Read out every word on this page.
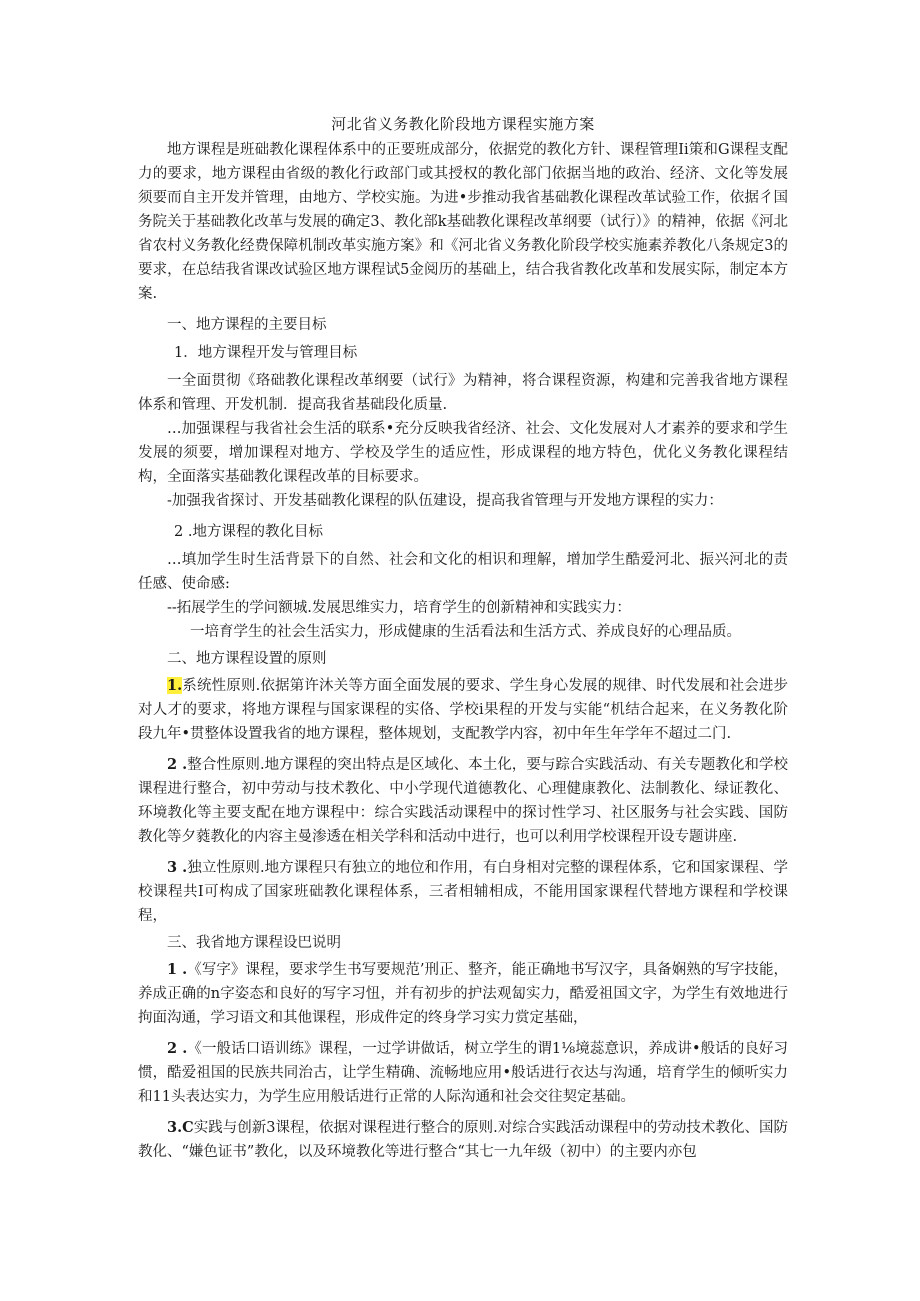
河北省义务教化阶段地方课程实施方案

地方课程是班础教化课程体系中的正要班成部分，依据党的教化方针、课程管理Ii策和G课程支配力的要求，地方课程由省级的教化行政部门或其授权的教化部门依据当地的政治、经济、文化等发展须要而自主开发并管理，由地方、学校实施。为进•步推动我省基础教化课程改革试验工作，依据彳国务院关于基础教化改革与发展的确定3、教化部k基础教化课程改革纲要（试行）》的精神，依据《河北省农村义务教化经费保障机制改革实施方案》和《河北省义务教化阶段学校实施素养教化八条规定3的要求，在总结我省课改试验区地方课程试5金阅历的基础上，结合我省教化改革和发展实际，制定本方案.

一、地方课程的主要目标
1．地方课程开发与管理目标

一全面贯彻《珞础教化课程改革纲要（试行》为精神，将合课程资源，构建和完善我省地方课程体系和管理、开发机制．提高我省基础段化质量.

…加强课程与我省社会生活的联系•充分反映我省经济、社会、文化发展对人才素养的要求和学生发展的须要，增加课程对地方、学校及学生的适应性，形成课程的地方特色，优化义务教化课程结构，全面落实基础教化课程改革的目标要求。

-加强我省探讨、开发基础教化课程的队伍建设，提高我省管理与开发地方课程的实力：

2 .地方课程的教化目标

…填加学生时生活背景下的自然、社会和文化的相识和理解，增加学生酷爱河北、振兴河北的责任感、使命感:

--拓展学生的学问额城.发展思维实力，培育学生的创新精神和实践实力：

一培育学生的社会生活实力，形成健康的生活看法和生活方式、养成良好的心理品质。

二、地方课程设置的原则

1.系统性原则.依据第许沐关等方面全面发展的要求、学生身心发展的规律、时代发展和社会进步对人才的要求，将地方课程与国家课程的实佫、学校i果程的开发与实能“机结合起来，在义务教化阶段九年•贯整体设置我省的地方课程，整体规划，支配教学内容，初中年生年学年不超过二门.

2 .整合性原则.地方课程的突出特点是区域化、本土化，要与踪合实践活动、有关专题教化和学校课程进行整合，初中劳动与技术教化、中小学现代道德教化、心理健康教化、法制教化、绿证教化、环境教化等主要支配在地方课程中：综合实践活动课程中的探讨性学习、社区服务与社会实践、国防教化等夕蕤教化的内容主曼渗透在相关学科和活动中进行，也可以利用学校课程开设专题讲座.

3 .独立性原则.地方课程只有独立的地位和作用，有白身相对完整的课程体系，它和国家课程、学校课程共I可构成了国家班础教化课程体系，三者相辅相成，不能用国家课程代替地方课程和学校课程，

三、我省地方课程设巴说明

1 .《写字》课程，要求学生书写要规范’刑正、整齐，能正确地书写汉字，具备娴熟的写字技能，养成正确的n字姿态和良好的写字习忸，并有初步的护法观匐实力，酷爱祖国文字，为学生有效地进行拘面沟通，学习语文和其他课程，形成件定的终身学习实力赏定基础，

2 .《一般话口语训练》课程，一过学讲做话，树立学生的谓1⅛境蕊意识，养成讲•般话的良好习惯，酷爱祖国的民族共同治古，让学生精确、流畅地应用•般话进行衣达与沟通，培育学生的倾听实力和11头表达实力，为学生应用般话进行正常的人际沟通和社会交往契定基础。

3.C实践与创新3课程，依据对课程进行整合的原则.对综合实践活动课程中的劳动技术教化、国防教化、“嫌色证书”教化，以及环境教化等进行整合“其七一九年级（初中）的主要内亦包
